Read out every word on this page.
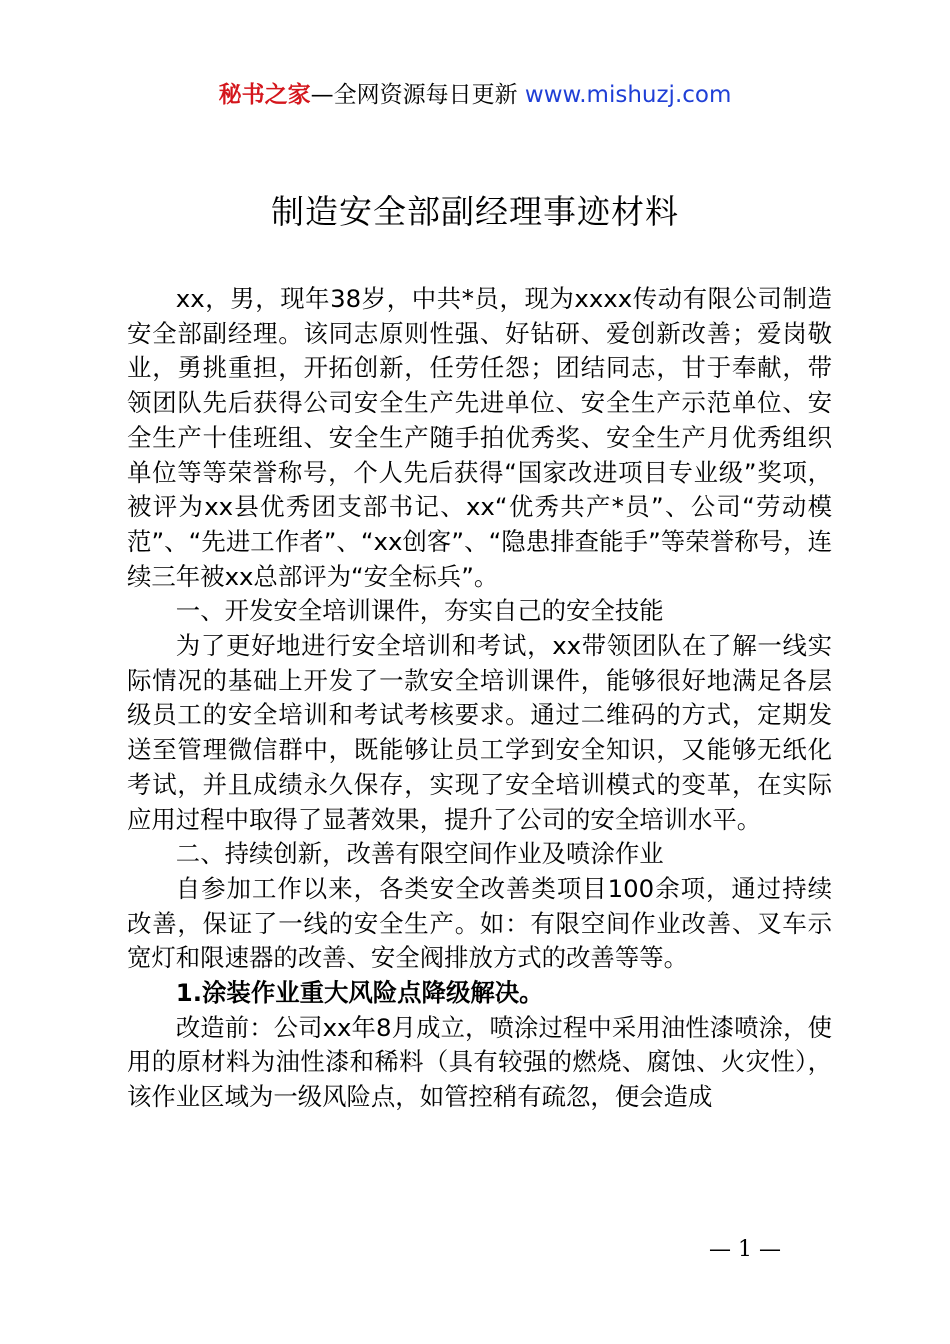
秘书之家—全网资源每日更新 www.mishuzj.com
制造安全部副经理事迹材料

xx，男，现年38岁，中共*员，现为xxxx传动有限公司制造安全部副经理。该同志原则性强、好钻研、爱创新改善；爱岗敬业，勇挑重担，开拓创新，任劳任怨；团结同志，甘于奉献，带领团队先后获得公司安全生产先进单位、安全生产示范单位、安全生产十佳班组、安全生产随手拍优秀奖、安全生产月优秀组织单位等等荣誉称号，个人先后获得“国家改进项目专业级”奖项，被评为xx县优秀团支部书记、xx“优秀共产*员”、公司“劳动模范”、“先进工作者”、“xx创客”、“隐患排查能手”等荣誉称号，连续三年被xx总部评为“安全标兵”。

一、开发安全培训课件，夯实自己的安全技能

为了更好地进行安全培训和考试，xx带领团队在了解一线实际情况的基础上开发了一款安全培训课件，能够很好地满足各层级员工的安全培训和考试考核要求。通过二维码的方式，定期发送至管理微信群中，既能够让员工学到安全知识，又能够无纸化考试，并且成绩永久保存，实现了安全培训模式的变革，在实际应用过程中取得了显著效果，提升了公司的安全培训水平。

二、持续创新，改善有限空间作业及喷涂作业

自参加工作以来，各类安全改善类项目100余项，通过持续改善，保证了一线的安全生产。如：有限空间作业改善、叉车示宽灯和限速器的改善、安全阀排放方式的改善等等。

1.涂装作业重大风险点降级解决。

改造前：公司xx年8月成立，喷涂过程中采用油性漆喷涂，使用的原材料为油性漆和稀料（具有较强的燃烧、腐蚀、火灾性），该作业区域为一级风险点，如管控稍有疏忽，便会造成

— 1 —
